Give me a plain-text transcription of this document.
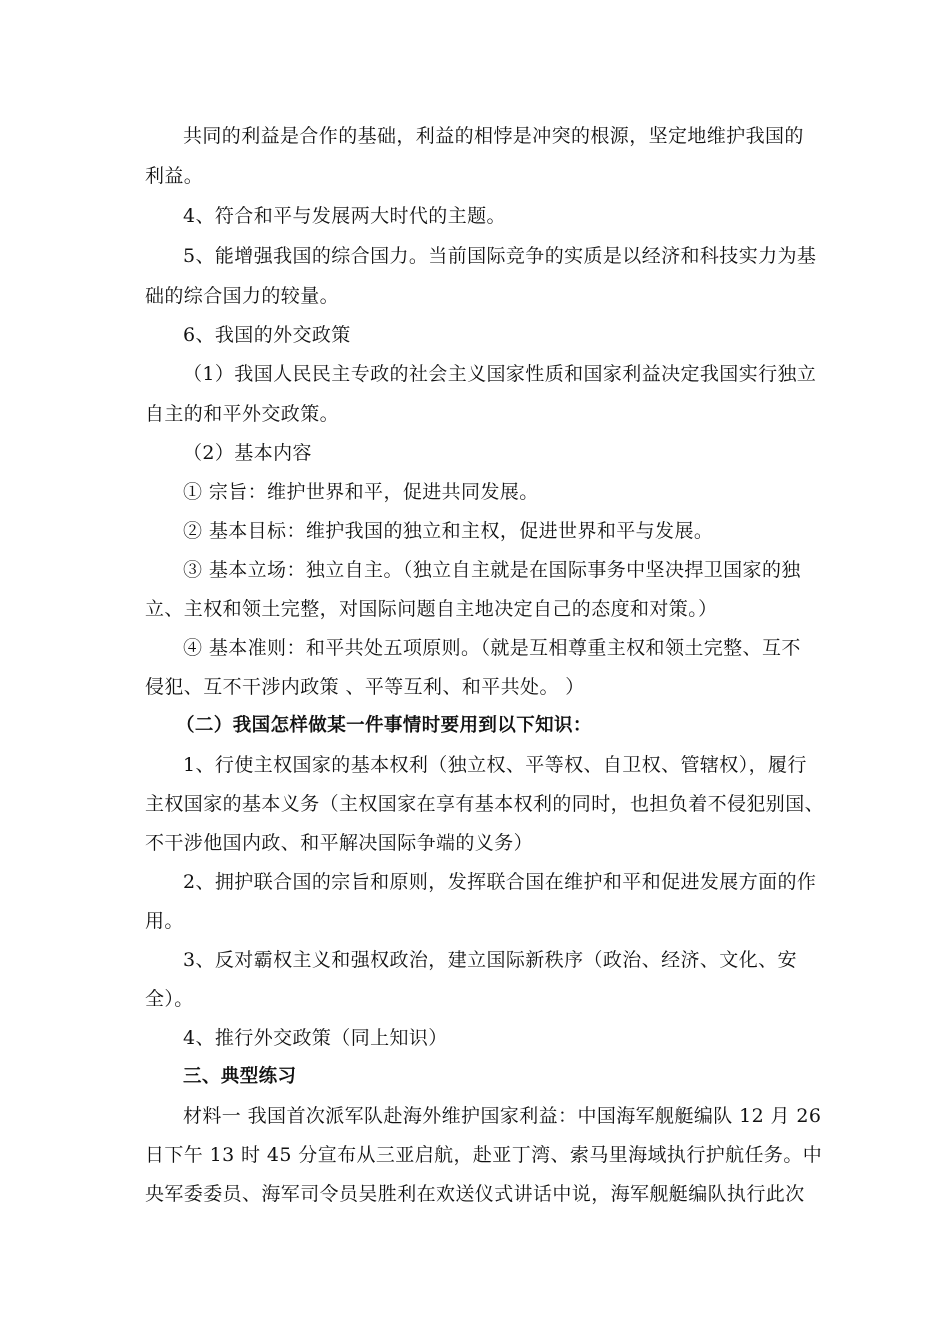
共同的利益是合作的基础，利益的相悖是冲突的根源，坚定地维护我国的
利益。
4、符合和平与发展两大时代的主题。
5、能增强我国的综合国力。当前国际竞争的实质是以经济和科技实力为基
础的综合国力的较量。
6、我国的外交政策
（1）我国人民民主专政的社会主义国家性质和国家利益决定我国实行独立
自主的和平外交政策。
（2）基本内容
① 宗旨：维护世界和平，促进共同发展。
② 基本目标：维护我国的独立和主权，促进世界和平与发展。
③ 基本立场：独立自主。（独立自主就是在国际事务中坚决捍卫国家的独
立、主权和领土完整，对国际问题自主地决定自己的态度和对策。）
④ 基本准则：和平共处五项原则。（就是互相尊重主权和领土完整、互不
侵犯、互不干涉内政策 、平等互利、和平共处。 ）
（二）我国怎样做某一件事情时要用到以下知识：
1、行使主权国家的基本权利（独立权、平等权、自卫权、管辖权），履行
主权国家的基本义务（主权国家在享有基本权利的同时，也担负着不侵犯别国、
不干涉他国内政、和平解决国际争端的义务）
2、拥护联合国的宗旨和原则，发挥联合国在维护和平和促进发展方面的作
用。
3、反对霸权主义和强权政治，建立国际新秩序（政治、经济、文化、安
全）。
4、推行外交政策（同上知识）
三、典型练习
材料一 我国首次派军队赴海外维护国家利益：中国海军舰艇编队 12 月 26
日下午 13 时 45 分宣布从三亚启航，赴亚丁湾、索马里海域执行护航任务。中
央军委委员、海军司令员吴胜利在欢送仪式讲话中说，海军舰艇编队执行此次
